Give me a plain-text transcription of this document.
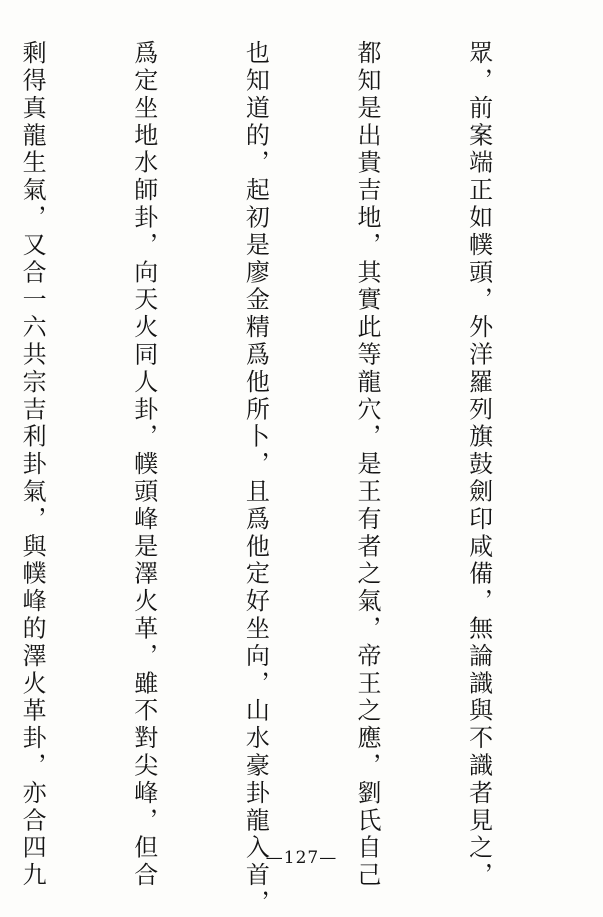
眾，前案端正如幞頭，外洋羅列旗鼓劍印咸備，無論識與不識者見之，

都知是出貴吉地，其實此等龍穴，是王有者之氣，帝王之應，劉氏自己

也知道的，起初是廖金精爲他所卜，且爲他定好坐向，山水豪卦龍入首，

爲定坐地水師卦，向天火同人卦，幞頭峰是澤火革，雖不對尖峰，但合

剩得真龍生氣，又合一六共宗吉利卦氣，與幞峰的澤火革卦，亦合四九

	—127—
